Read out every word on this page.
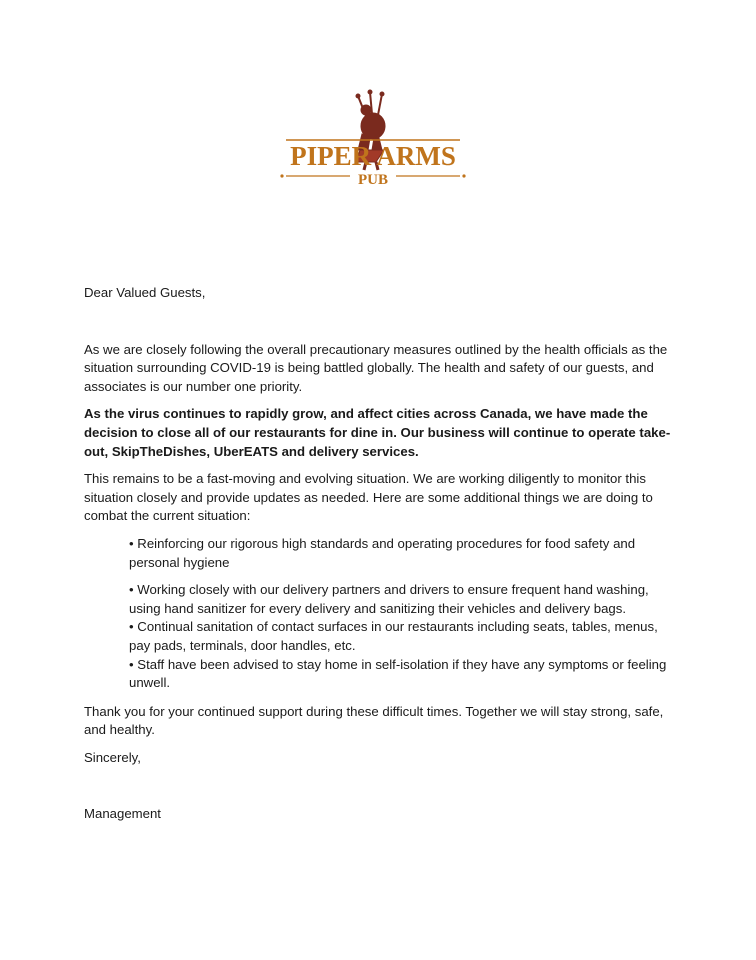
PIPER ARMS
PUB

Dear Valued Guests,

As we are closely following the overall precautionary measures outlined by the health officials as the situation surrounding COVID-19 is being battled globally. The health and safety of our guests, and associates is our number one priority.

As the virus continues to rapidly grow, and affect cities across Canada, we have made the decision to close all of our restaurants for dine in. Our business will continue to operate take-out, SkipTheDishes, UberEATS and delivery services.

This remains to be a fast-moving and evolving situation. We are working diligently to monitor this situation closely and provide updates as needed. Here are some additional things we are doing to combat the current situation:

• Reinforcing our rigorous high standards and operating procedures for food safety and personal hygiene
• Working closely with our delivery partners and drivers to ensure frequent hand washing, using hand sanitizer for every delivery and sanitizing their vehicles and delivery bags.
• Continual sanitation of contact surfaces in our restaurants including seats, tables, menus, pay pads, terminals, door handles, etc.
• Staff have been advised to stay home in self-isolation if they have any symptoms or feeling unwell.

Thank you for your continued support during these difficult times. Together we will stay strong, safe, and healthy.

Sincerely,

Management
